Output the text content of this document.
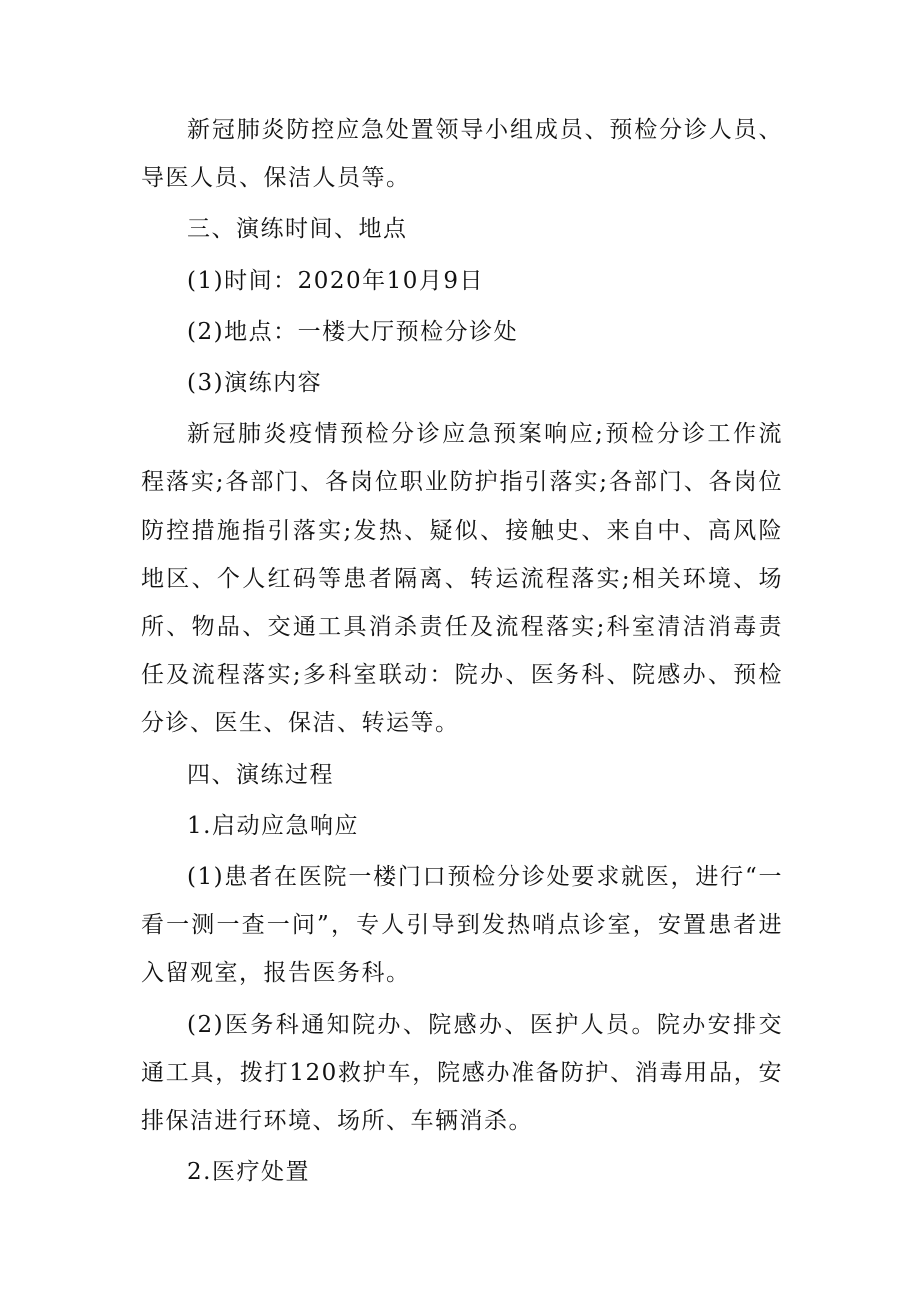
新冠肺炎防控应急处置领导小组成员、预检分诊人员、导医人员、保洁人员等。

三、演练时间、地点

(1)时间：2020年10月9日

(2)地点：一楼大厅预检分诊处

(3)演练内容

新冠肺炎疫情预检分诊应急预案响应;预检分诊工作流程落实;各部门、各岗位职业防护指引落实;各部门、各岗位防控措施指引落实;发热、疑似、接触史、来自中、高风险地区、个人红码等患者隔离、转运流程落实;相关环境、场所、物品、交通工具消杀责任及流程落实;科室清洁消毒责任及流程落实;多科室联动：院办、医务科、院感办、预检分诊、医生、保洁、转运等。

四、演练过程

1.启动应急响应

(1)患者在医院一楼门口预检分诊处要求就医，进行“一看一测一查一问”，专人引导到发热哨点诊室，安置患者进入留观室，报告医务科。

(2)医务科通知院办、院感办、医护人员。院办安排交通工具，拨打120救护车，院感办准备防护、消毒用品，安排保洁进行环境、场所、车辆消杀。

2.医疗处置
